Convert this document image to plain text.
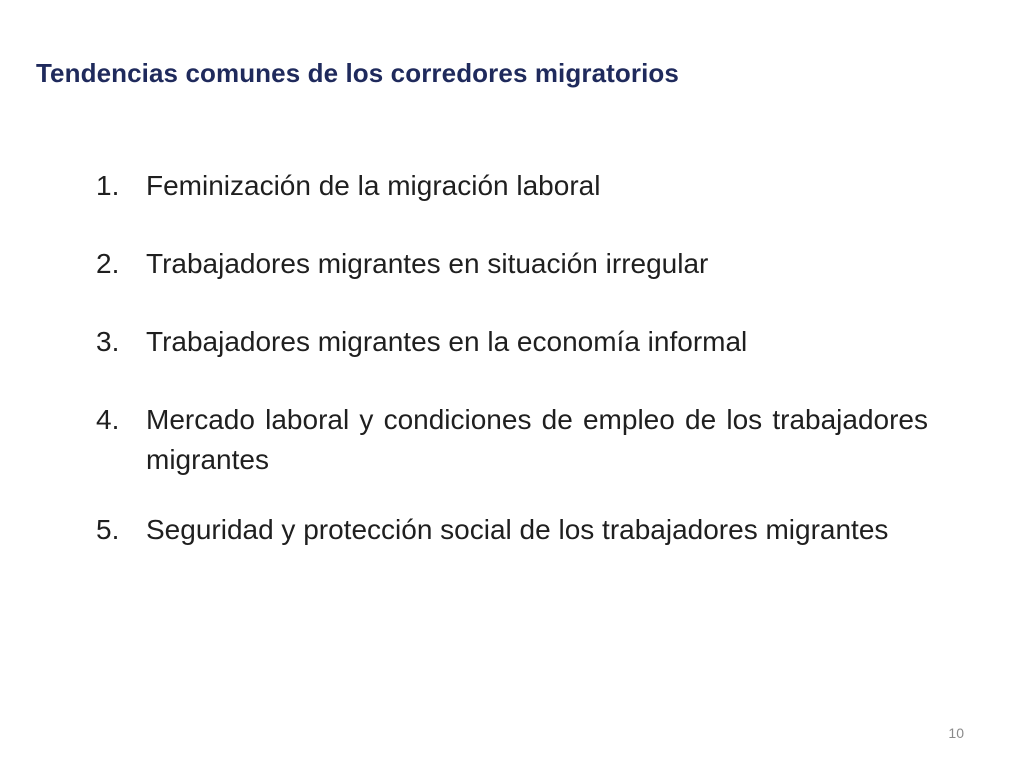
Tendencias comunes de los corredores migratorios
1. Feminización de la migración laboral
2. Trabajadores migrantes en situación irregular
3. Trabajadores migrantes en la economía informal
4. Mercado laboral y condiciones de empleo de los trabajadores migrantes
5. Seguridad y protección social de los trabajadores migrantes
10
